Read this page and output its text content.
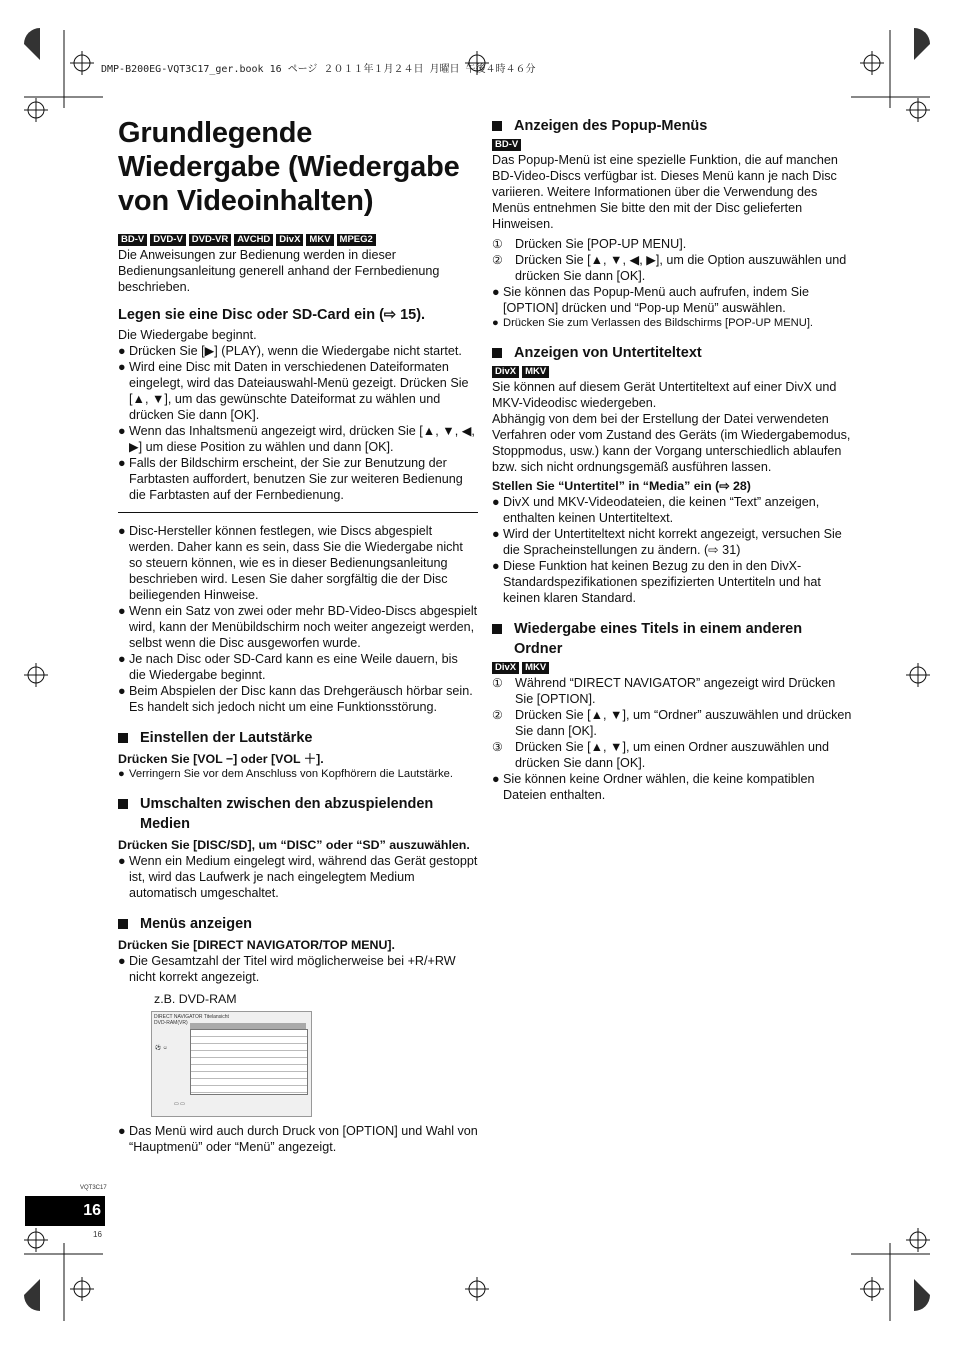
DMP-B200EG-VQT3C17_ger.book 16 ページ ２０１１年１月２４日 月曜日 午後４時４６分
Grundlegende Wiedergabe (Wiedergabe von Videoinhalten)
BD-V DVD-V DVD-VR AVCHD DivX MKV MPEG2

Die Anweisungen zur Bedienung werden in dieser Bedienungsanleitung generell anhand der Fernbedienung beschrieben.

Legen sie eine Disc oder SD-Card ein (⇨ 15).

Die Wiedergabe beginnt.

● Drücken Sie [▶] (PLAY), wenn die Wiedergabe nicht startet.
● Wird eine Disc mit Daten in verschiedenen Dateiformaten eingelegt, wird das Dateiauswahl-Menü gezeigt. Drücken Sie [▲, ▼], um das gewünschte Dateiformat zu wählen und drücken Sie dann [OK].
● Wenn das Inhaltsmenü angezeigt wird, drücken Sie [▲, ▼, ◀, ▶] um diese Position zu wählen und dann [OK].
● Falls der Bildschirm erscheint, der Sie zur Benutzung der Farbtasten auffordert, benutzen Sie zur weiteren Bedienung die Farbtasten auf der Fernbedienung.
● Disc-Hersteller können festlegen, wie Discs abgespielt werden. Daher kann es sein, dass Sie die Wiedergabe nicht so steuern können, wie es in dieser Bedienungsanleitung beschrieben wird. Lesen Sie daher sorgfältig die der Disc beiliegenden Hinweise.
● Wenn ein Satz von zwei oder mehr BD-Video-Discs abgespielt wird, kann der Menübildschirm noch weiter angezeigt werden, selbst wenn die Disc ausgeworfen wurde.
● Je nach Disc oder SD-Card kann es eine Weile dauern, bis die Wiedergabe beginnt.
● Beim Abspielen der Disc kann das Drehgeräusch hörbar sein. Es handelt sich jedoch nicht um eine Funktionsstörung.
Einstellen der Lautstärke

Drücken Sie [VOL −] oder [VOL ＋].

● Verringern Sie vor dem Anschluss von Kopfhörern die Lautstärke.
Umschalten zwischen den abzuspielenden Medien

Drücken Sie [DISC/SD], um “DISC” oder “SD” auszuwählen.

● Wenn ein Medium eingelegt wird, während das Gerät gestoppt ist, wird das Laufwerk je nach eingelegtem Medium automatisch umgeschaltet.
Menüs anzeigen

Drücken Sie [DIRECT NAVIGATOR/TOP MENU].

● Die Gesamtzahl der Titel wird möglicherweise bei +R/+RW nicht korrekt angezeigt.
z.B. DVD-RAM
DIRECT NAVIGATOR Titelansicht
DVD-RAM(VR)
⚽ ☺
▭ ▭
● Das Menü wird auch durch Druck von [OPTION] und Wahl von “Hauptmenü” oder “Menü” angezeigt.
Anzeigen des Popup-Menüs
BD-V

Das Popup-Menü ist eine spezielle Funktion, die auf manchen BD-Video-Discs verfügbar ist. Dieses Menü kann je nach Disc variieren. Weitere Informationen über die Verwendung des Menüs entnehmen Sie bitte den mit der Disc gelieferten Hinweisen.

① Drücken Sie [POP-UP MENU].
② Drücken Sie [▲, ▼, ◀, ▶], um die Option auszuwählen und drücken Sie dann [OK].
● Sie können das Popup-Menü auch aufrufen, indem Sie [OPTION] drücken und “Pop-up Menü” auswählen.
● Drücken Sie zum Verlassen des Bildschirms [POP-UP MENU].
Anzeigen von Untertiteltext
DivX MKV

Sie können auf diesem Gerät Untertiteltext auf einer DivX und MKV-Videodisc wiedergeben.
Abhängig von dem bei der Erstellung der Datei verwendeten Verfahren oder vom Zustand des Geräts (im Wiedergabemodus, Stoppmodus, usw.) kann der Vorgang unterschiedlich ablaufen bzw. sich nicht ordnungsgemäß ausführen lassen.

Stellen Sie “Untertitel” in “Media” ein (⇨ 28)

● DivX und MKV-Videodateien, die keinen “Text” anzeigen, enthalten keinen Untertiteltext.
● Wird der Untertiteltext nicht korrekt angezeigt, versuchen Sie die Spracheinstellungen zu ändern. (⇨ 31)
● Diese Funktion hat keinen Bezug zu den in den DivX-Standardspezifikationen spezifizierten Untertiteln und hat keinen klaren Standard.
Wiedergabe eines Titels in einem anderen Ordner
DivX MKV
① Während “DIRECT NAVIGATOR” angezeigt wird Drücken Sie [OPTION].
② Drücken Sie [▲, ▼], um “Ordner” auszuwählen und drücken Sie dann [OK].
③ Drücken Sie [▲, ▼], um einen Ordner auszuwählen und drücken Sie dann [OK].
● Sie können keine Ordner wählen, die keine kompatiblen Dateien enthalten.
VQT3C17
16
16
